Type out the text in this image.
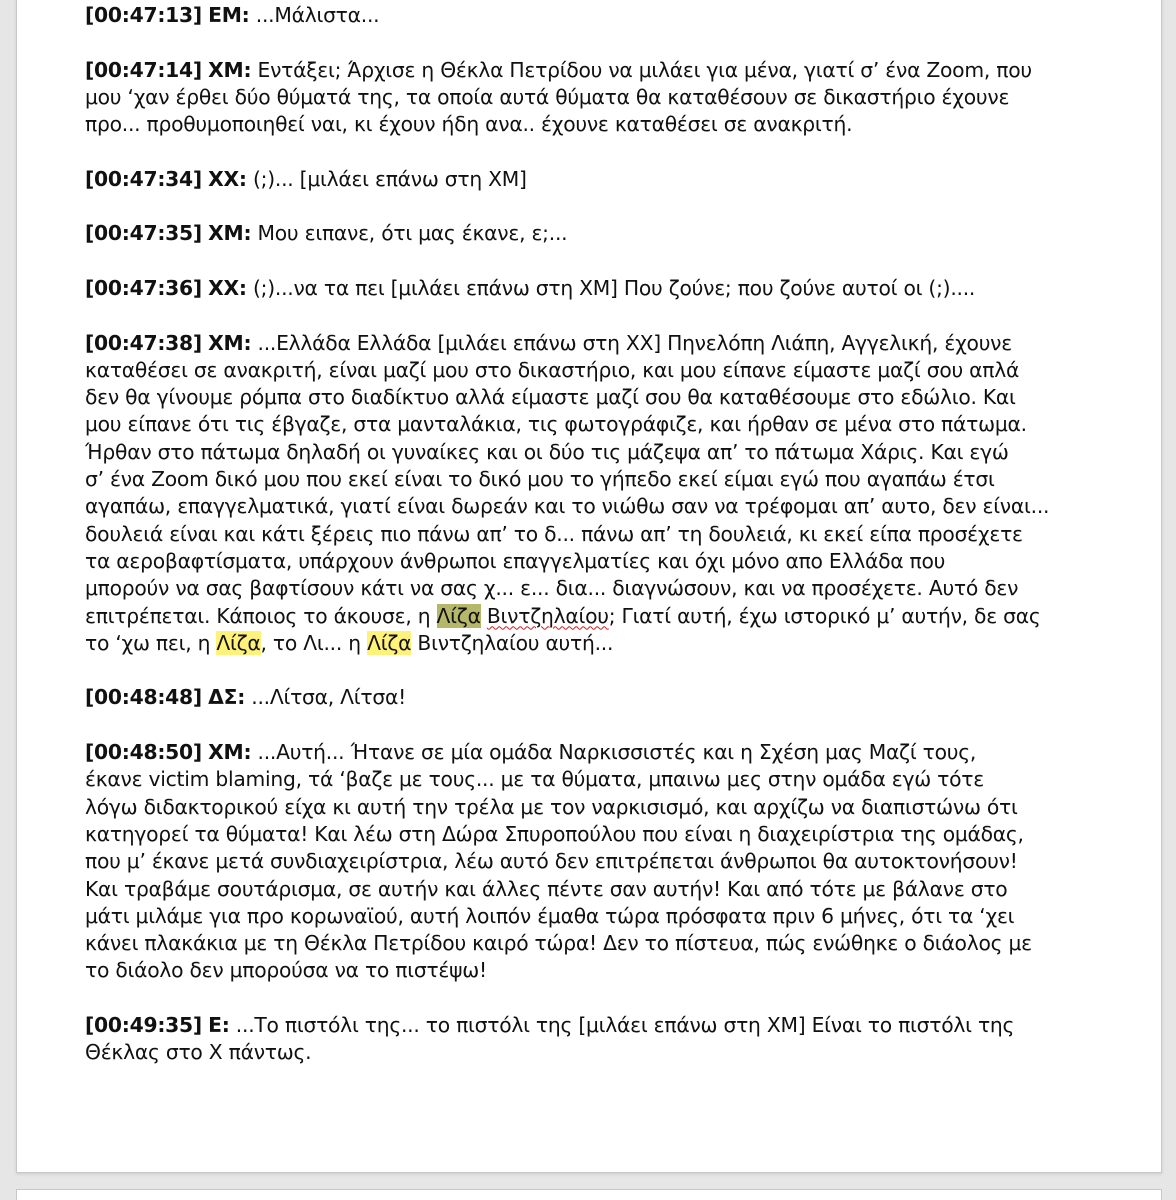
[00:47:13] ΕΜ: ...Μάλιστα...

[00:47:14] ΧΜ: Εντάξει; Άρχισε η Θέκλα Πετρίδου να μιλάει για μένα, γιατί σ’ ένα Zoom, που
μου ‘χαν έρθει δύο θύματά της, τα οποία αυτά θύματα θα καταθέσουν σε δικαστήριο έχουνε
προ... προθυμοποιηθεί ναι, κι έχουν ήδη ανα.. έχουνε καταθέσει σε ανακριτή.

[00:47:34] ΧΧ: (;)... [μιλάει επάνω στη ΧΜ]

[00:47:35] ΧΜ: Μου ειπανε, ότι μας έκανε, ε;...

[00:47:36] ΧΧ: (;)...να τα πει [μιλάει επάνω στη ΧΜ] Που ζούνε; που ζούνε αυτοί οι (;)....

[00:47:38] ΧΜ: ...Ελλάδα Ελλάδα [μιλάει επάνω στη ΧΧ] Πηνελόπη Λιάπη, Αγγελική, έχουνε
καταθέσει σε ανακριτή, είναι μαζί μου στο δικαστήριο, και μου είπανε είμαστε μαζί σου απλά
δεν θα γίνουμε ρόμπα στο διαδίκτυο αλλά είμαστε μαζί σου θα καταθέσουμε στο εδώλιο. Και
μου είπανε ότι τις έβγαζε, στα μανταλάκια, τις φωτογράφιζε, και ήρθαν σε μένα στο πάτωμα.
Ήρθαν στο πάτωμα δηλαδή οι γυναίκες και οι δύο τις μάζεψα απ’ το πάτωμα Χάρις. Και εγώ
σ’ ένα Zoom δικό μου που εκεί είναι το δικό μου το γήπεδο εκεί είμαι εγώ που αγαπάω έτσι
αγαπάω, επαγγελματικά, γιατί είναι δωρεάν και το νιώθω σαν να τρέφομαι απ’ αυτο, δεν είναι...
δουλειά είναι και κάτι ξέρεις πιο πάνω απ’ το δ... πάνω απ’ τη δουλειά, κι εκεί είπα προσέχετε
τα αεροβαφτίσματα, υπάρχουν άνθρωποι επαγγελματίες και όχι μόνο απο Ελλάδα που
μπορούν να σας βαφτίσουν κάτι να σας χ... ε... δια... διαγνώσουν, και να προσέχετε. Αυτό δεν
επιτρέπεται. Κάποιος το άκουσε, η Λίζα Βιντζηλαίου; Γιατί αυτή, έχω ιστορικό μ’ αυτήν, δε σας
το ‘χω πει, η Λίζα, το Λι... η Λίζα Βιντζηλαίου αυτή...

[00:48:48] ΔΣ: ...Λίτσα, Λίτσα!

[00:48:50] ΧΜ: ...Αυτή... Ήτανε σε μία ομάδα Ναρκισσιστές και η Σχέση μας Μαζί τους,
έκανε victim blaming, τά ‘βαζε με τους... με τα θύματα, μπαινω μες στην ομάδα εγώ τότε
λόγω διδακτορικού είχα κι αυτή την τρέλα με τον ναρκισισμό, και αρχίζω να διαπιστώνω ότι
κατηγορεί τα θύματα! Και λέω στη Δώρα Σπυροπούλου που είναι η διαχειρίστρια της ομάδας,
που μ’ έκανε μετά συνδιαχειρίστρια, λέω αυτό δεν επιτρέπεται άνθρωποι θα αυτοκτονήσουν!
Και τραβάμε σουτάρισμα, σε αυτήν και άλλες πέντε σαν αυτήν! Και από τότε με βάλανε στο
μάτι μιλάμε για προ κορωναϊού, αυτή λοιπόν έμαθα τώρα πρόσφατα πριν 6 μήνες, ότι τα ‘χει
κάνει πλακάκια με τη Θέκλα Πετρίδου καιρό τώρα! Δεν το πίστευα, πώς ενώθηκε ο διάολος με
το διάολο δεν μπορούσα να το πιστέψω!

[00:49:35] Ε: ...Το πιστόλι της... το πιστόλι της [μιλάει επάνω στη ΧΜ] Είναι το πιστόλι της
Θέκλας στο Χ πάντως.
